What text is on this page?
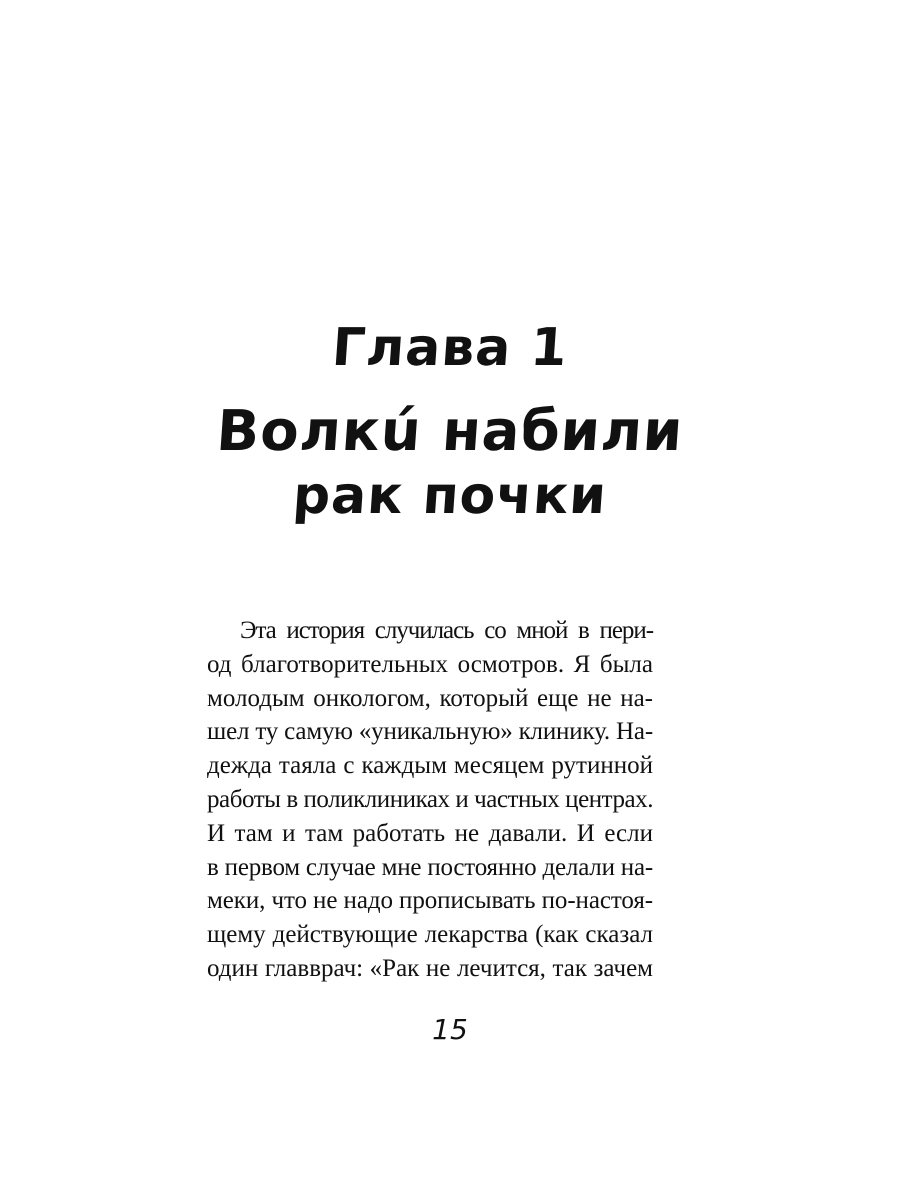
Глава 1
Волкú набили
рак почки
Эта история случилась со мной в пери-
од благотворительных осмотров. Я была
молодым онкологом, который еще не на-
шел ту самую «уникальную» клинику. На-
дежда таяла с каждым месяцем рутинной
работы в поликлиниках и частных центрах.
И там и там работать не давали. И если
в первом случае мне постоянно делали на-
меки, что не надо прописывать по-настоя-
щему действующие лекарства (как сказал
один главврач: «Рак не лечится, так зачем
15
